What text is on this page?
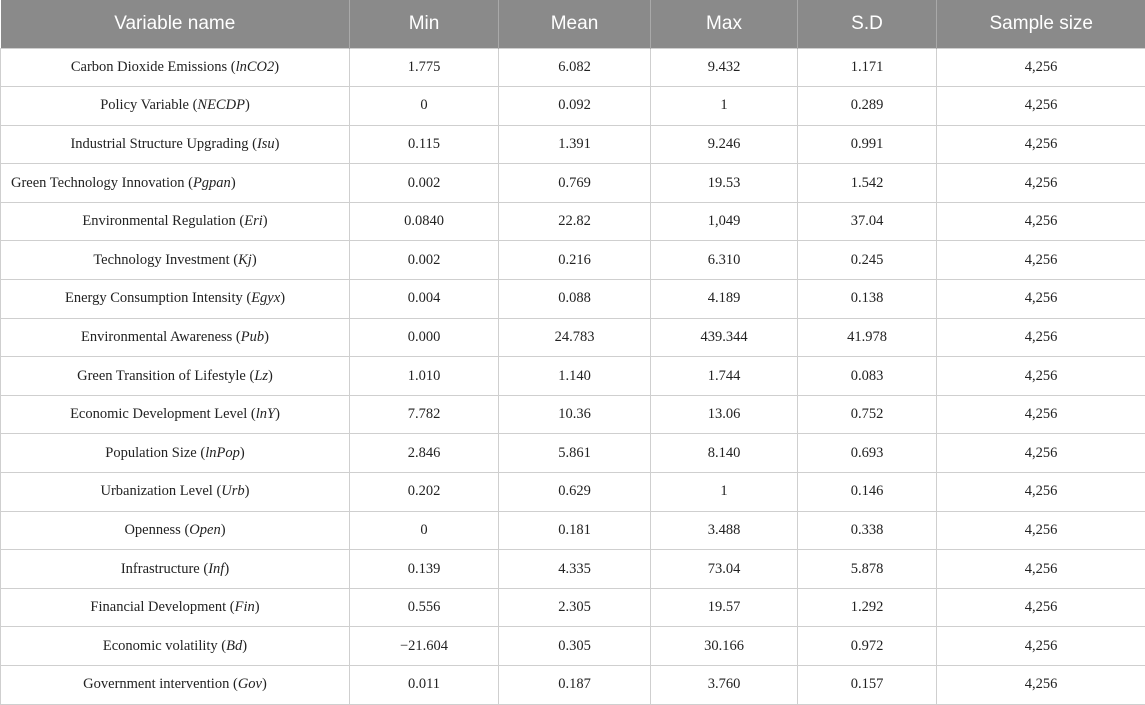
Variable name	Min	Mean	Max	S.D	Sample size
Carbon Dioxide Emissions (lnCO2)	1.775	6.082	9.432	1.171	4,256
Policy Variable (NECDP)	0	0.092	1	0.289	4,256
Industrial Structure Upgrading (Isu)	0.115	1.391	9.246	0.991	4,256
Green Technology Innovation (Pgpan)	0.002	0.769	19.53	1.542	4,256
Environmental Regulation (Eri)	0.0840	22.82	1,049	37.04	4,256
Technology Investment (Kj)	0.002	0.216	6.310	0.245	4,256
Energy Consumption Intensity (Egyx)	0.004	0.088	4.189	0.138	4,256
Environmental Awareness (Pub)	0.000	24.783	439.344	41.978	4,256
Green Transition of Lifestyle (Lz)	1.010	1.140	1.744	0.083	4,256
Economic Development Level (lnY)	7.782	10.36	13.06	0.752	4,256
Population Size (lnPop)	2.846	5.861	8.140	0.693	4,256
Urbanization Level (Urb)	0.202	0.629	1	0.146	4,256
Openness (Open)	0	0.181	3.488	0.338	4,256
Infrastructure (Inf)	0.139	4.335	73.04	5.878	4,256
Financial Development (Fin)	0.556	2.305	19.57	1.292	4,256
Economic volatility (Bd)	−21.604	0.305	30.166	0.972	4,256
Government intervention (Gov)	0.011	0.187	3.760	0.157	4,256
